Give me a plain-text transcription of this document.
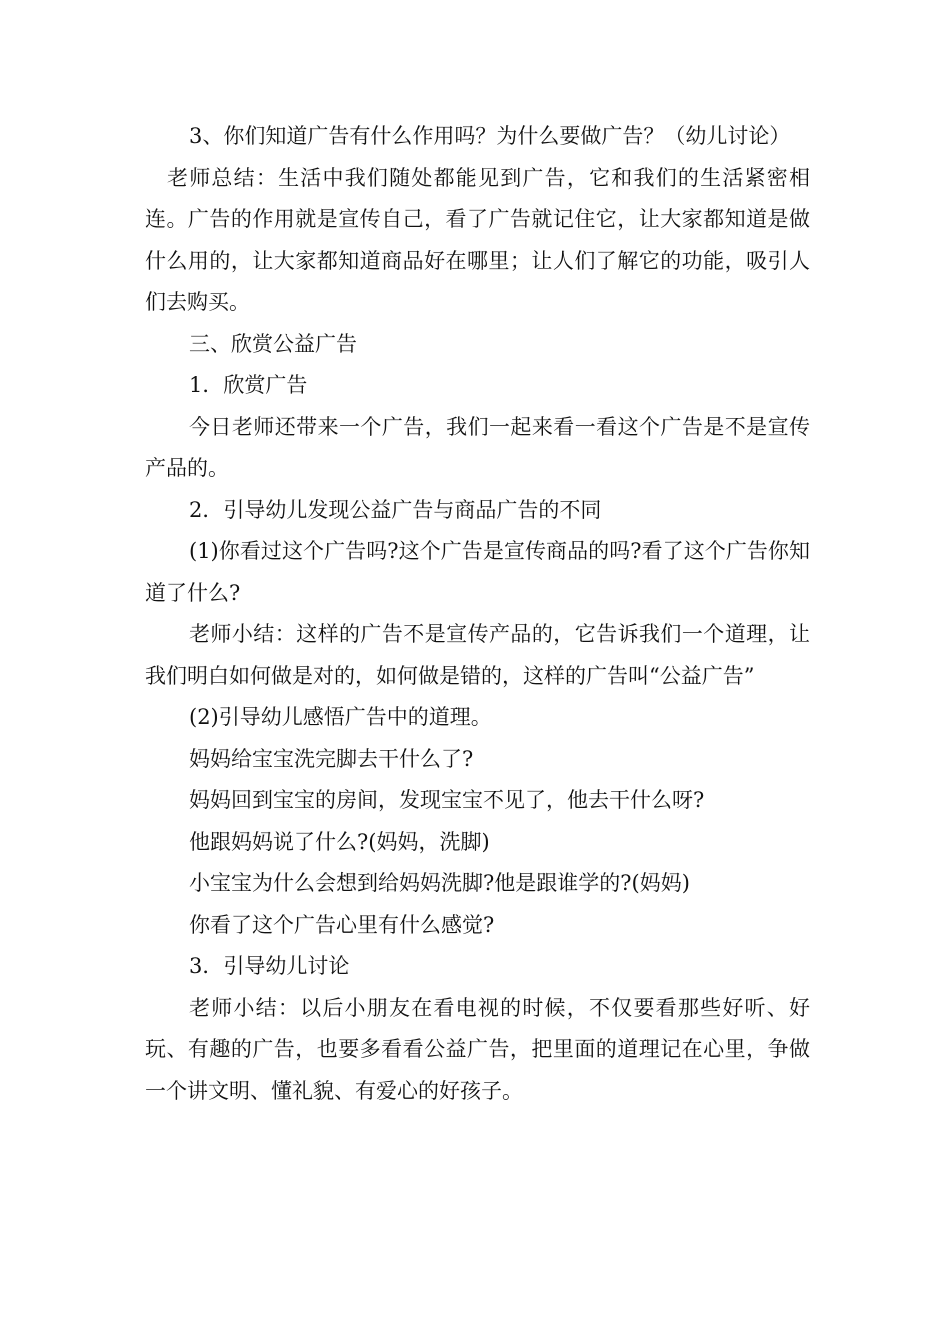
3、你们知道广告有什么作用吗？为什么要做广告？（幼儿讨论）

老师总结：生活中我们随处都能见到广告，它和我们的生活紧密相连。广告的作用就是宣传自己，看了广告就记住它，让大家都知道是做什么用的，让大家都知道商品好在哪里；让人们了解它的功能，吸引人们去购买。

三、欣赏公益广告

1．欣赏广告

今日老师还带来一个广告，我们一起来看一看这个广告是不是宣传产品的。

2．引导幼儿发现公益广告与商品广告的不同

(1)你看过这个广告吗?这个广告是宣传商品的吗?看了这个广告你知道了什么?

老师小结：这样的广告不是宣传产品的，它告诉我们一个道理，让我们明白如何做是对的，如何做是错的，这样的广告叫“公益广告”

(2)引导幼儿感悟广告中的道理。

妈妈给宝宝洗完脚去干什么了?

妈妈回到宝宝的房间，发现宝宝不见了，他去干什么呀?

他跟妈妈说了什么?(妈妈，洗脚)

小宝宝为什么会想到给妈妈洗脚?他是跟谁学的?(妈妈)

你看了这个广告心里有什么感觉?

3．引导幼儿讨论

老师小结：以后小朋友在看电视的时候，不仅要看那些好听、好玩、有趣的广告，也要多看看公益广告，把里面的道理记在心里，争做一个讲文明、懂礼貌、有爱心的好孩子。
